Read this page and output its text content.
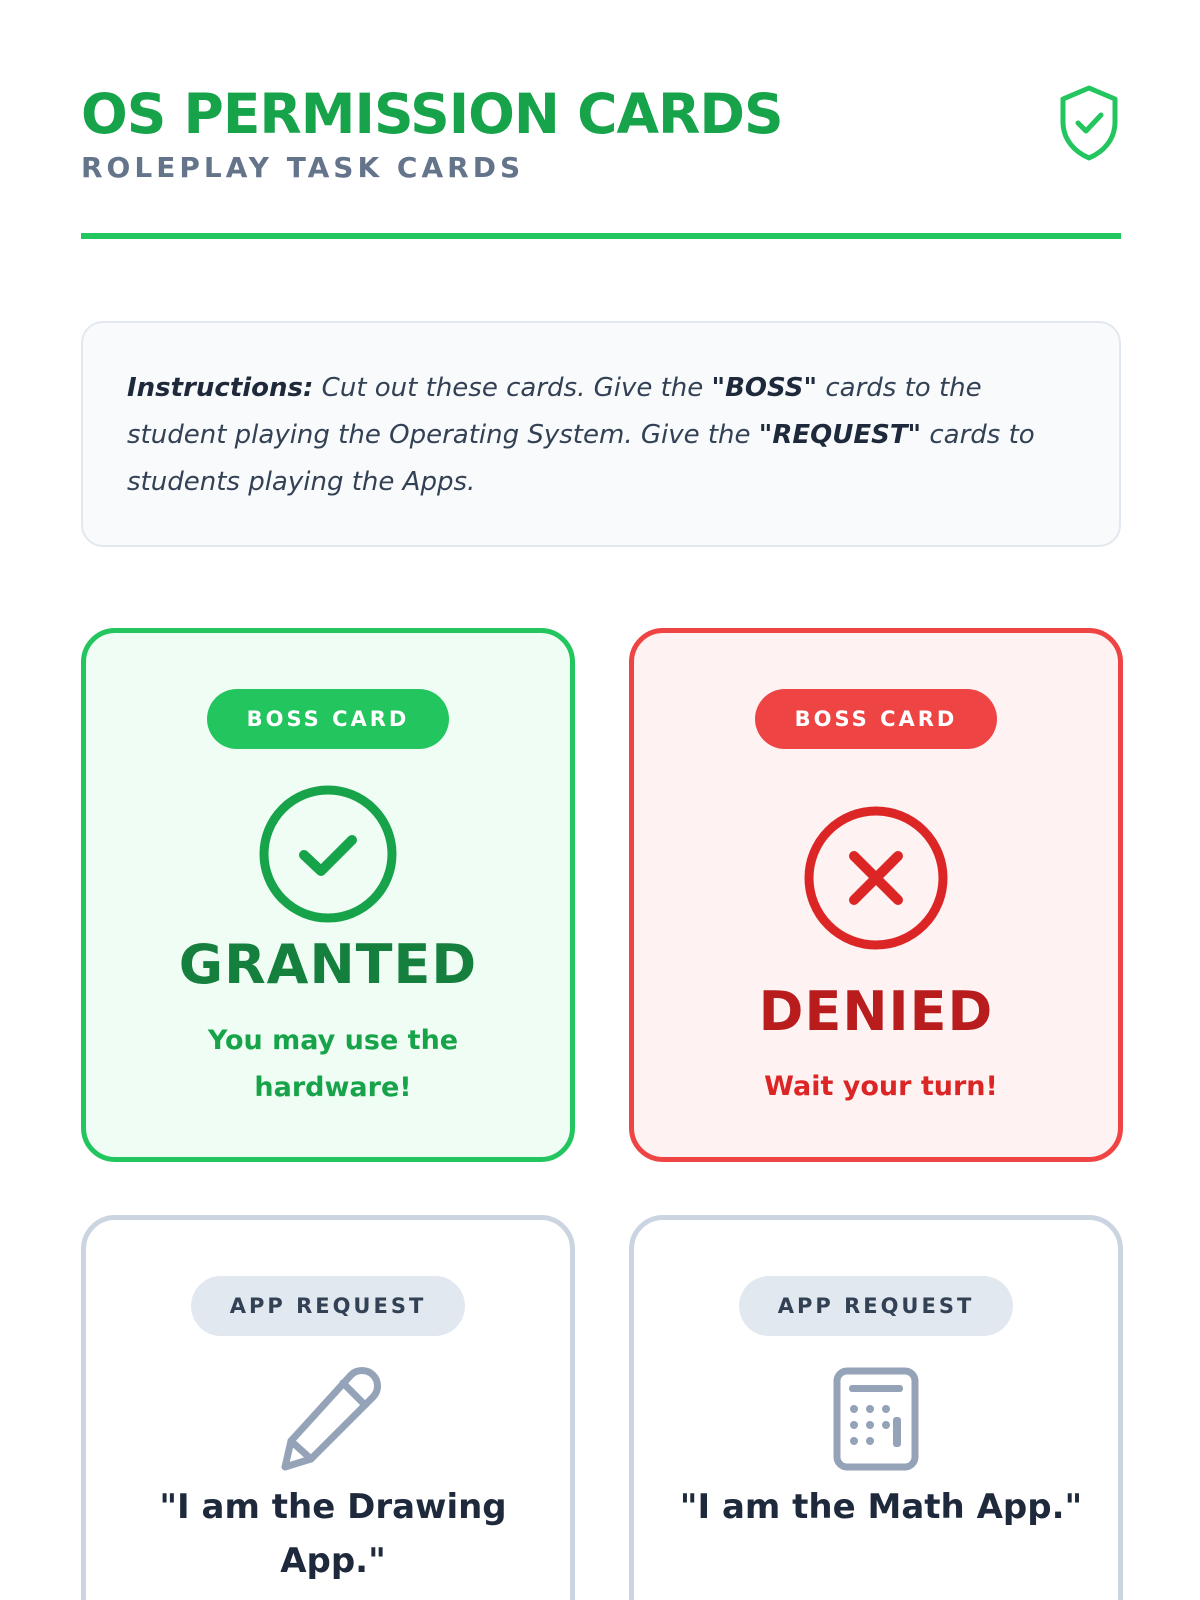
OS PERMISSION CARDS
ROLEPLAY TASK CARDS

Instructions: Cut out these cards. Give the "BOSS" cards to the student playing the Operating System. Give the "REQUEST" cards to students playing the Apps.

BOSS CARD
GRANTED
You may use the hardware!
BOSS CARD
DENIED
Wait your turn!
APP REQUEST
"I am the Drawing App."
APP REQUEST
"I am the Math App."
